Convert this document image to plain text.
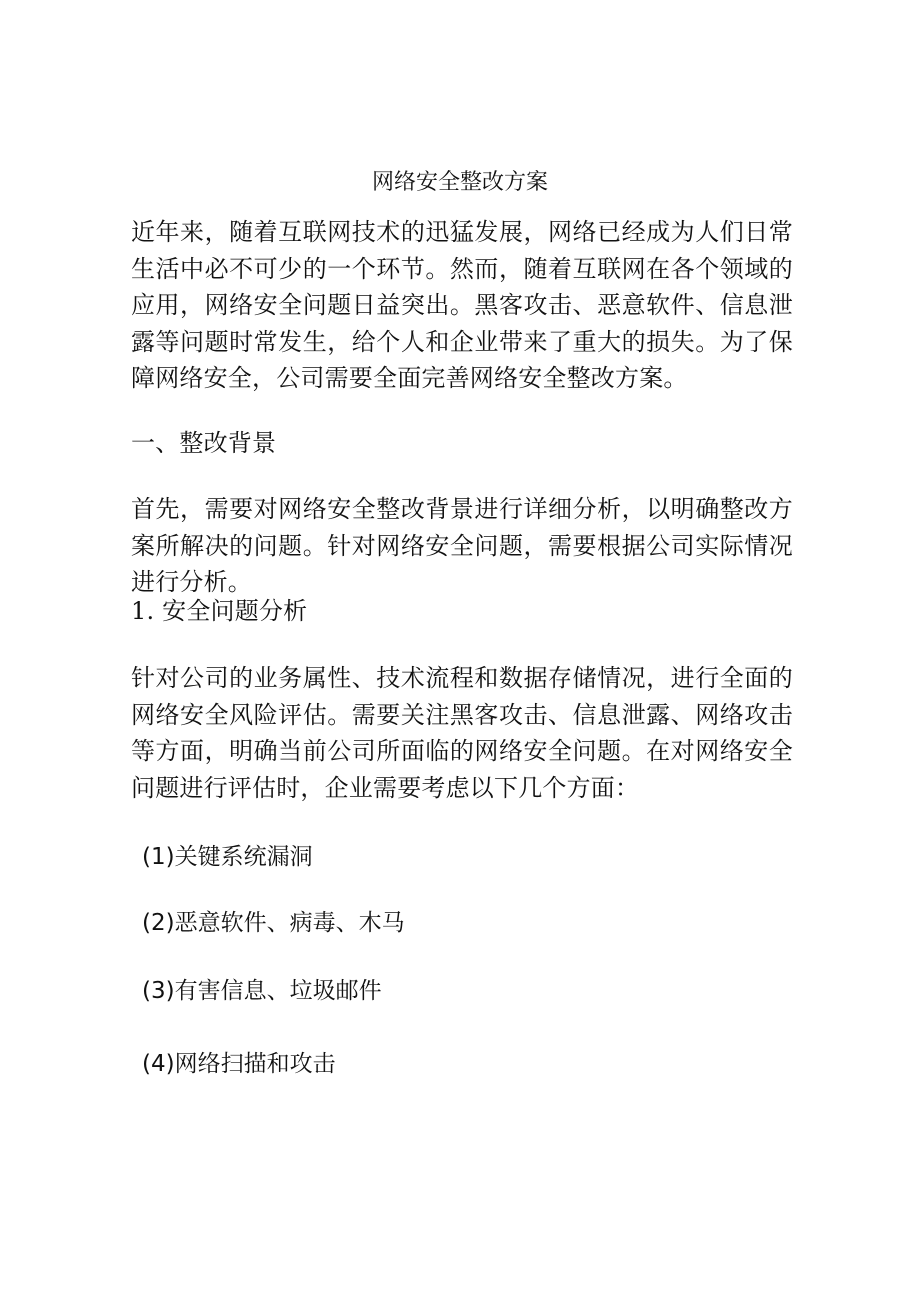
网络安全整改方案

近年来，随着互联网技术的迅猛发展，网络已经成为人们日常生活中必不可少的一个环节。然而，随着互联网在各个领域的应用，网络安全问题日益突出。黑客攻击、恶意软件、信息泄露等问题时常发生，给个人和企业带来了重大的损失。为了保障网络安全，公司需要全面完善网络安全整改方案。

一、整改背景

首先，需要对网络安全整改背景进行详细分析，以明确整改方案所解决的问题。针对网络安全问题，需要根据公司实际情况进行分析。

1. 安全问题分析

针对公司的业务属性、技术流程和数据存储情况，进行全面的网络安全风险评估。需要关注黑客攻击、信息泄露、网络攻击等方面，明确当前公司所面临的网络安全问题。在对网络安全问题进行评估时，企业需要考虑以下几个方面：

(1)关键系统漏洞
(2)恶意软件、病毒、木马
(3)有害信息、垃圾邮件
(4)网络扫描和攻击
